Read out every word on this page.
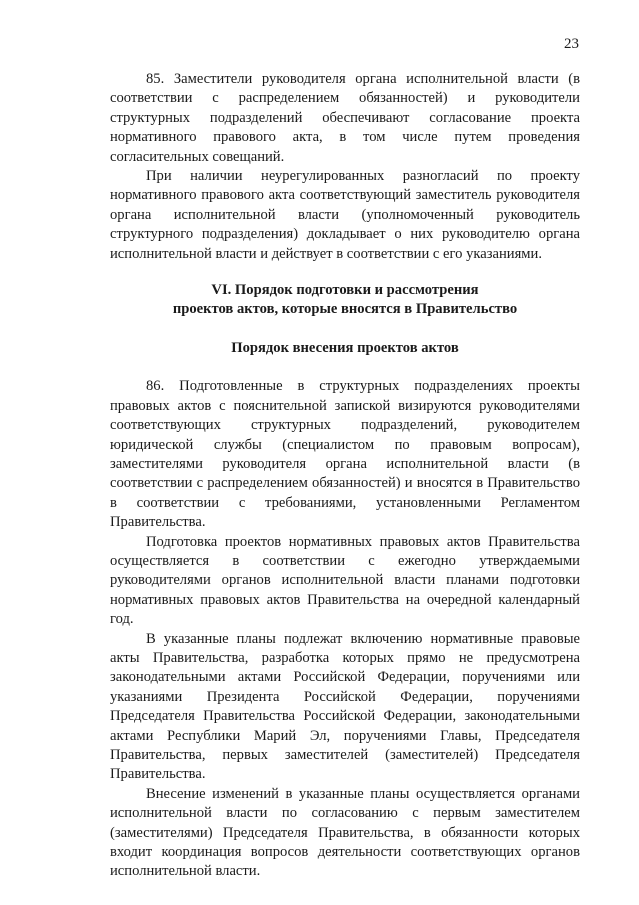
23

85. Заместители руководителя органа исполнительной власти (в соответствии с распределением обязанностей) и руководители структурных подразделений обеспечивают согласование проекта нормативного правового акта, в том числе путем проведения согласительных совещаний.

При наличии неурегулированных разногласий по проекту нормативного правового акта соответствующий заместитель руководителя органа исполнительной власти (уполномоченный руководитель структурного подразделения) докладывает о них руководителю органа исполнительной власти и действует в соответствии с его указаниями.

VI. Порядок подготовки и рассмотрения
проектов актов, которые вносятся в Правительство
Порядок внесения проектов актов

86. Подготовленные в структурных подразделениях проекты правовых актов с пояснительной запиской визируются руководителями соответствующих структурных подразделений, руководителем юридической службы (специалистом по правовым вопросам), заместителями руководителя органа исполнительной власти (в соответствии с распределением обязанностей) и вносятся в Правительство в соответствии с требованиями, установленными Регламентом Правительства.

Подготовка проектов нормативных правовых актов Правительства осуществляется в соответствии с ежегодно утверждаемыми руководителями органов исполнительной власти планами подготовки нормативных правовых актов Правительства на очередной календарный год.

В указанные планы подлежат включению нормативные правовые акты Правительства, разработка которых прямо не предусмотрена законодательными актами Российской Федерации, поручениями или указаниями Президента Российской Федерации, поручениями Председателя Правительства Российской Федерации, законодательными актами Республики Марий Эл, поручениями Главы, Председателя Правительства, первых заместителей (заместителей) Председателя Правительства.

Внесение изменений в указанные планы осуществляется органами исполнительной власти по согласованию с первым заместителем (заместителями) Председателя Правительства, в обязанности которых входит координация вопросов деятельности соответствующих органов исполнительной власти.
